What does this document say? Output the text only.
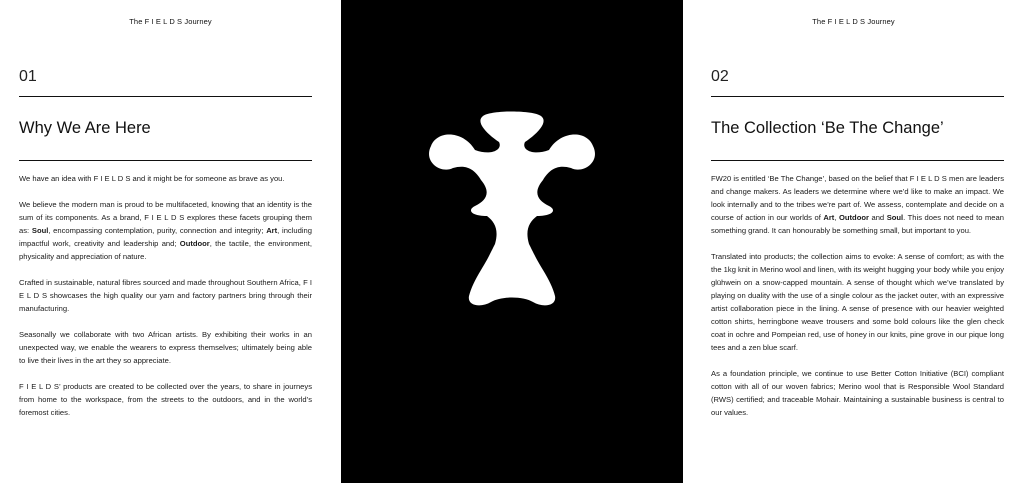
The F I E L D S Journey
01
Why We Are Here

We have an idea with F I E L D S and it might be for someone as brave as you.

We believe the modern man is proud to be multifaceted, knowing that an identity is the sum of its components. As a brand, F I E L D S explores these facets grouping them as: Soul, encompassing contemplation, purity, connection and integrity; Art, including impactful work, creativity and leadership and; Outdoor, the tactile, the environment, physicality and appreciation of nature.

Crafted in sustainable, natural fibres sourced and made throughout Southern Africa, F I E L D S showcases the high quality our yarn and factory partners bring through their manufacturing.

Seasonally we collaborate with two African artists. By exhibiting their works in an unexpected way, we enable the wearers to express themselves; ultimately being able to live their lives in the art they so appreciate.

F I E L D S’ products are created to be collected over the years, to share in journeys from home to the workspace, from the streets to the outdoors, and in the world’s foremost cities.

The F I E L D S Journey
02
The Collection ‘Be The Change’

FW20 is entitled ‘Be The Change’, based on the belief that F I E L D S men are leaders and change makers. As leaders we determine where we’d like to make an impact. We look internally and to the tribes we’re part of. We assess, contemplate and decide on a course of action in our worlds of Art, Outdoor and Soul. This does not need to mean something grand. It can honourably be something small, but important to you.

Translated into products; the collection aims to evoke: A sense of comfort; as with the the 1kg knit in Merino wool and linen, with its weight hugging your body while you enjoy glühwein on a snow-capped mountain. A sense of thought which we’ve translated by playing on duality with the use of a single colour as the jacket outer, with an expressive artist collaboration piece in the lining. A sense of presence with our heavier weighted cotton shirts, herringbone weave trousers and some bold colours like the glen check coat in ochre and Pompeian red, use of honey in our knits, pine grove in our pique long tees and a zen blue scarf.

As a foundation principle, we continue to use Better Cotton Initiative (BCI) compliant cotton with all of our woven fabrics; Merino wool that is Responsible Wool Standard (RWS) certified; and traceable Mohair. Maintaining a sustainable business is central to our values.
